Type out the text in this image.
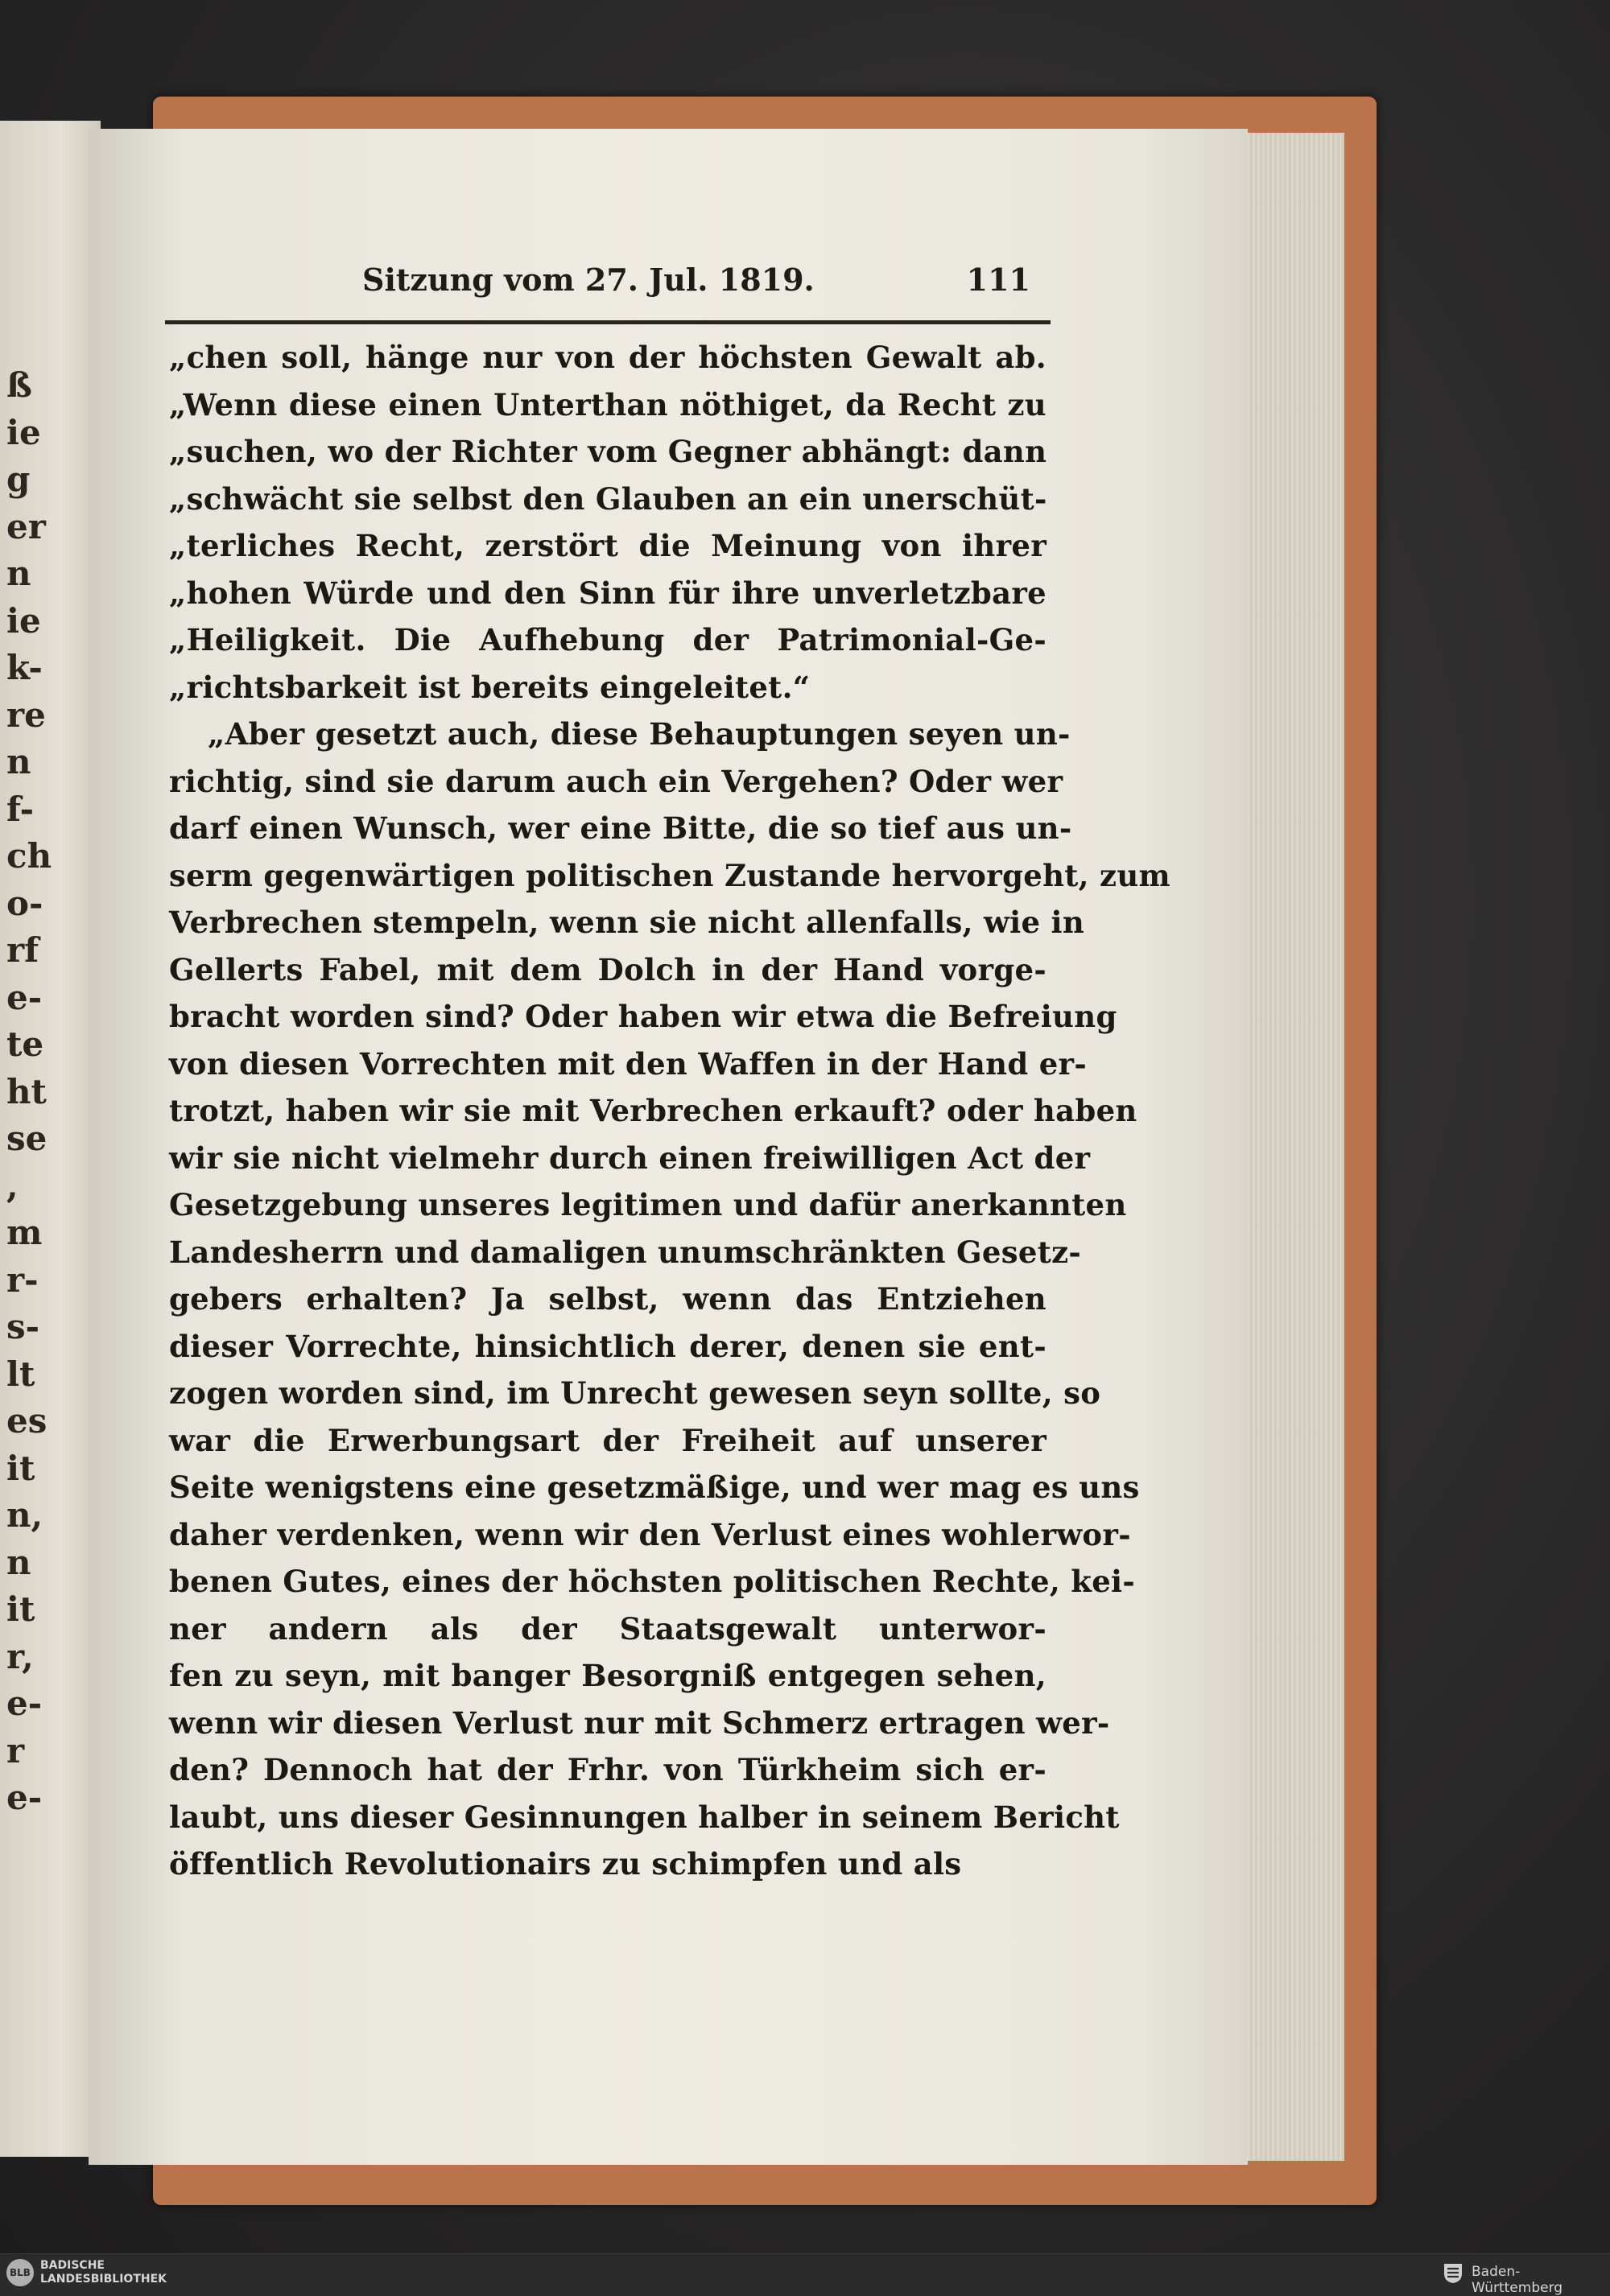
ß
ie
g
er
n
ie
k-
re
n
f-
ch
o-
rf
e-
te
ht
se
,
m
r-
s-
lt
es
it
n,
n
it
r,
e-
r
e-
Sitzung vom 27. Jul. 1819.	111
„chen soll, hänge nur von der höchsten Gewalt ab.
„Wenn diese einen Unterthan nöthiget, da Recht zu
„suchen, wo der Richter vom Gegner abhängt: dann
„schwächt sie selbst den Glauben an ein unerschüt-
„terliches Recht, zerstört die Meinung von ihrer
„hohen Würde und den Sinn für ihre unverletzbare
„Heiligkeit. Die Aufhebung der Patrimonial-Ge-
„richtsbarkeit ist bereits eingeleitet.“
„Aber gesetzt auch, diese Behauptungen seyen un-
richtig, sind sie darum auch ein Vergehen? Oder wer
darf einen Wunsch, wer eine Bitte, die so tief aus un-
serm gegenwärtigen politischen Zustande hervorgeht, zum
Verbrechen stempeln, wenn sie nicht allenfalls, wie in
Gellerts Fabel, mit dem Dolch in der Hand vorge-
bracht worden sind? Oder haben wir etwa die Befreiung
von diesen Vorrechten mit den Waffen in der Hand er-
trotzt, haben wir sie mit Verbrechen erkauft? oder haben
wir sie nicht vielmehr durch einen freiwilligen Act der
Gesetzgebung unseres legitimen und dafür anerkannten
Landesherrn und damaligen unumschränkten Gesetz-
gebers erhalten? Ja selbst, wenn das Entziehen
dieser Vorrechte, hinsichtlich derer, denen sie ent-
zogen worden sind, im Unrecht gewesen seyn sollte, so
war die Erwerbungsart der Freiheit auf unserer
Seite wenigstens eine gesetzmäßige, und wer mag es uns
daher verdenken, wenn wir den Verlust eines wohlerwor-
benen Gutes, eines der höchsten politischen Rechte, kei-
ner andern als der Staatsgewalt unterwor-
fen zu seyn, mit banger Besorgniß entgegen sehen,
wenn wir diesen Verlust nur mit Schmerz ertragen wer-
den? Dennoch hat der Frhr. von Türkheim sich er-
laubt, uns dieser Gesinnungen halber in seinem Bericht
öffentlich Revolutionairs zu schimpfen und als
BLB
BADISCHE
LANDESBIBLIOTHEK	Baden-Württemberg
